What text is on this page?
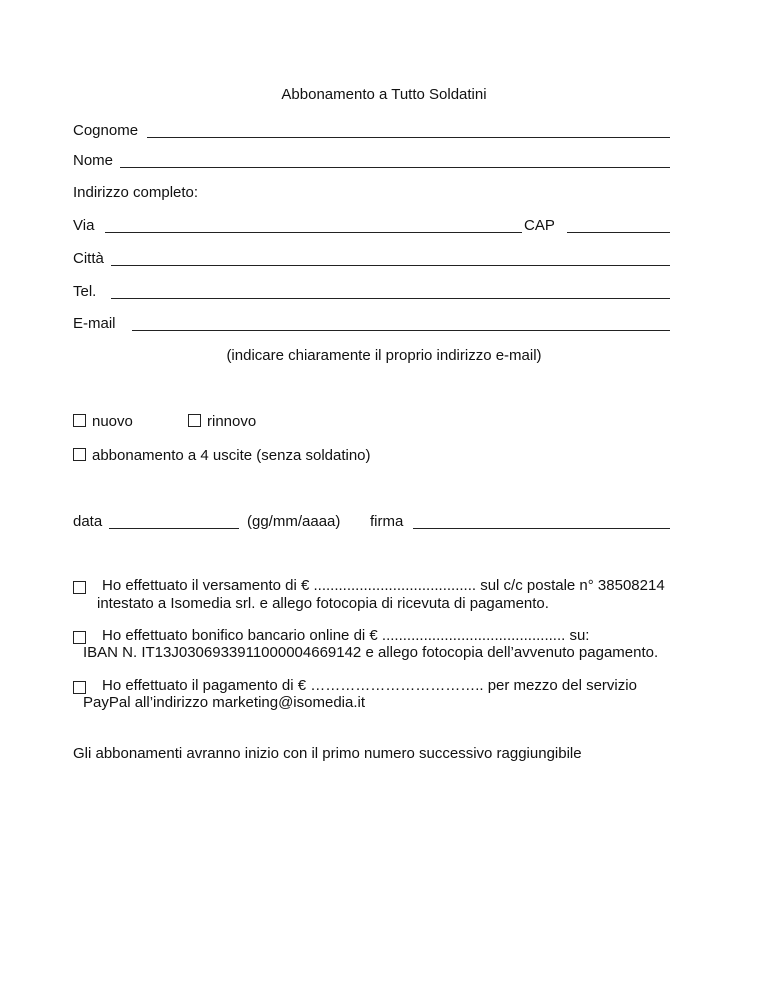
Abbonamento a Tutto Soldatini
Cognome
Nome
Indirizzo completo:
Via	CAP
Città
Tel.
E-mail
(indicare chiaramente il proprio indirizzo e-mail)
nuovo	rinnovo
abbonamento a 4 uscite (senza soldatino)
data	(gg/mm/aaaa) firma
Ho effettuato il versamento di € ....................................... sul c/c postale n° 38508214
intestato a Isomedia srl. e allego fotocopia di ricevuta di pagamento.
Ho effettuato bonifico bancario online di € ............................................ su:
IBAN N. IT13J0306933911000004669142 e allego fotocopia dell’avvenuto pagamento.
Ho effettuato il pagamento di € …………………………….. per mezzo del servizio
PayPal all’indirizzo marketing@isomedia.it
Gli abbonamenti avranno inizio con il primo numero successivo raggiungibile
